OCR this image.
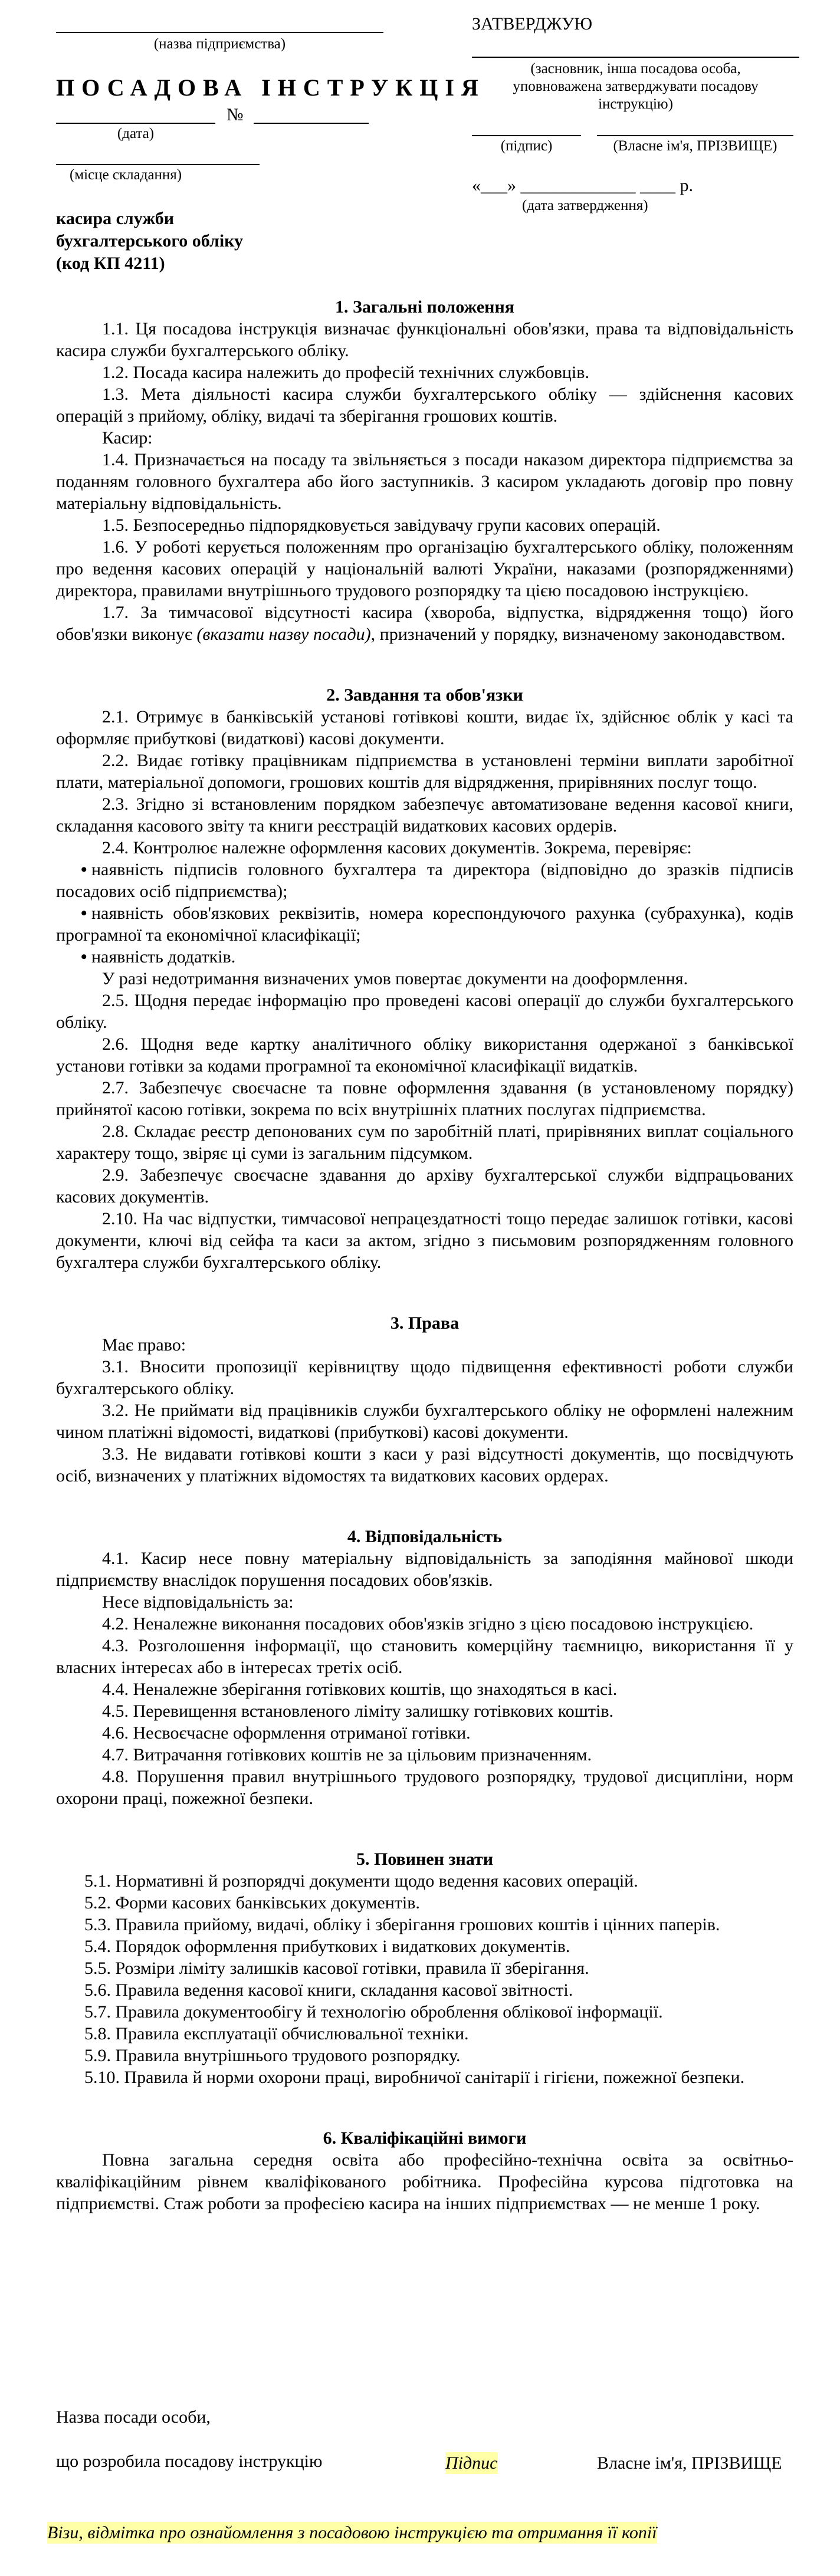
(назва підприємства)
ПОСАДОВА ІНСТРУКЦІЯ
№
(дата)
(місце складання)
касира служби
бухгалтерського обліку
(код КП 4211)
ЗАТВЕРДЖУЮ
(засновник, інша посадова особа,
уповноважена затверджувати посадову
інструкцію)
(підпис)	(Власне ім'я, ПРІЗВИЩЕ)
«___» _____________ ____ р.
(дата затвердження)
1. Загальні положення

1.1. Ця посадова інструкція визначає функціональні обов'язки, права та відповідальність касира служби бухгалтерського обліку.

1.2. Посада касира належить до професій технічних службовців.

1.3. Мета діяльності касира служби бухгалтерського обліку — здійснення касових операцій з прийому, обліку, видачі та зберігання грошових коштів.

Касир:

1.4. Призначається на посаду та звільняється з посади наказом директора підприємства за поданням головного бухгалтера або його заступників. З касиром укладають договір про повну матеріальну відповідальність.

1.5. Безпосередньо підпорядковується завідувачу групи касових операцій.

1.6. У роботі керується положенням про організацію бухгалтерського обліку, положенням про ведення касових операцій у національній валюті України, наказами (розпорядженнями) директора, правилами внутрішнього трудового розпорядку та цією посадовою інструкцією.

1.7. За тимчасової відсутності касира (хвороба, відпустка, відрядження тощо) його обов'язки виконує (вказати назву посади), призначений у порядку, визначеному законодавством.

2. Завдання та обов'язки

2.1. Отримує в банківській установі готівкові кошти, видає їх, здійснює облік у касі та оформляє прибуткові (видаткові) касові документи.

2.2. Видає готівку працівникам підприємства в установлені терміни виплати заробітної плати, матеріальної допомоги, грошових коштів для відрядження, прирівняних послуг тощо.

2.3. Згідно зі встановленим порядком забезпечує автоматизоване ведення касової книги, складання касового звіту та книги реєстрацій видаткових касових ордерів.

2.4. Контролює належне оформлення касових документів. Зокрема, перевіряє:

• наявність підписів головного бухгалтера та директора (відповідно до зразків підписів посадових осіб підприємства);

• наявність обов'язкових реквізитів, номера кореспондуючого рахунка (субрахунка), кодів програмної та економічної класифікації;

• наявність додатків.

У разі недотримання визначених умов повертає документи на дооформлення.

2.5. Щодня передає інформацію про проведені касові операції до служби бухгалтерського обліку.

2.6. Щодня веде картку аналітичного обліку використання одержаної з банківської установи готівки за кодами програмної та економічної класифікації видатків.

2.7. Забезпечує своєчасне та повне оформлення здавання (в установленому порядку) прийнятої касою готівки, зокрема по всіх внутрішніх платних послугах підприємства.

2.8. Складає реєстр депонованих сум по заробітній платі, прирівняних виплат соціального характеру тощо, звіряє ці суми із загальним підсумком.

2.9. Забезпечує своєчасне здавання до архіву бухгалтерської служби відпрацьованих касових документів.

2.10. На час відпустки, тимчасової непрацездатності тощо передає залишок готівки, касові документи, ключі від сейфа та каси за актом, згідно з письмовим розпорядженням головного бухгалтера служби бухгалтерського обліку.

3. Права

Має право:

3.1. Вносити пропозиції керівництву щодо підвищення ефективності роботи служби бухгалтерського обліку.

3.2. Не приймати від працівників служби бухгалтерського обліку не оформлені належним чином платіжні відомості, видаткові (прибуткові) касові документи.

3.3. Не видавати готівкові кошти з каси у разі відсутності документів, що посвідчують осіб, визначених у платіжних відомостях та видаткових касових ордерах.

4. Відповідальність

4.1. Касир несе повну матеріальну відповідальність за заподіяння майнової шкоди підприємству внаслідок порушення посадових обов'язків.

Несе відповідальність за:

4.2. Неналежне виконання посадових обов'язків згідно з цією посадовою інструкцією.

4.3. Розголошення інформації, що становить комерційну таємницю, використання її у власних інтересах або в інтересах третіх осіб.

4.4. Неналежне зберігання готівкових коштів, що знаходяться в касі.

4.5. Перевищення встановленого ліміту залишку готівкових коштів.

4.6. Несвоєчасне оформлення отриманої готівки.

4.7. Витрачання готівкових коштів не за цільовим призначенням.

4.8. Порушення правил внутрішнього трудового розпорядку, трудової дисципліни, норм охорони праці, пожежної безпеки.

5. Повинен знати

5.1. Нормативні й розпорядчі документи щодо ведення касових операцій.

5.2. Форми касових банківських документів.

5.3. Правила прийому, видачі, обліку і зберігання грошових коштів і цінних паперів.

5.4. Порядок оформлення прибуткових і видаткових документів.

5.5. Розміри ліміту залишків касової готівки, правила її зберігання.

5.6. Правила ведення касової книги, складання касової звітності.

5.7. Правила документообігу й технологію оброблення облікової інформації.

5.8. Правила експлуатації обчислювальної техніки.

5.9. Правила внутрішнього трудового розпорядку.

5.10. Правила й норми охорони праці, виробничої санітарії і гігієни, пожежної безпеки.

6. Кваліфікаційні вимоги

Повна загальна середня освіта або професійно-технічна освіта за освітньо-кваліфікаційним рівнем кваліфікованого робітника. Професійна курсова підготовка на підприємстві. Стаж роботи за професією касира на інших підприємствах — не менше 1 року.

Назва посади особи,
що розробила посадову інструкцію	Підпис	Власне ім'я, ПРІЗВИЩЕ
Візи, відмітка про ознайомлення з посадовою інструкцією та отримання її копії
